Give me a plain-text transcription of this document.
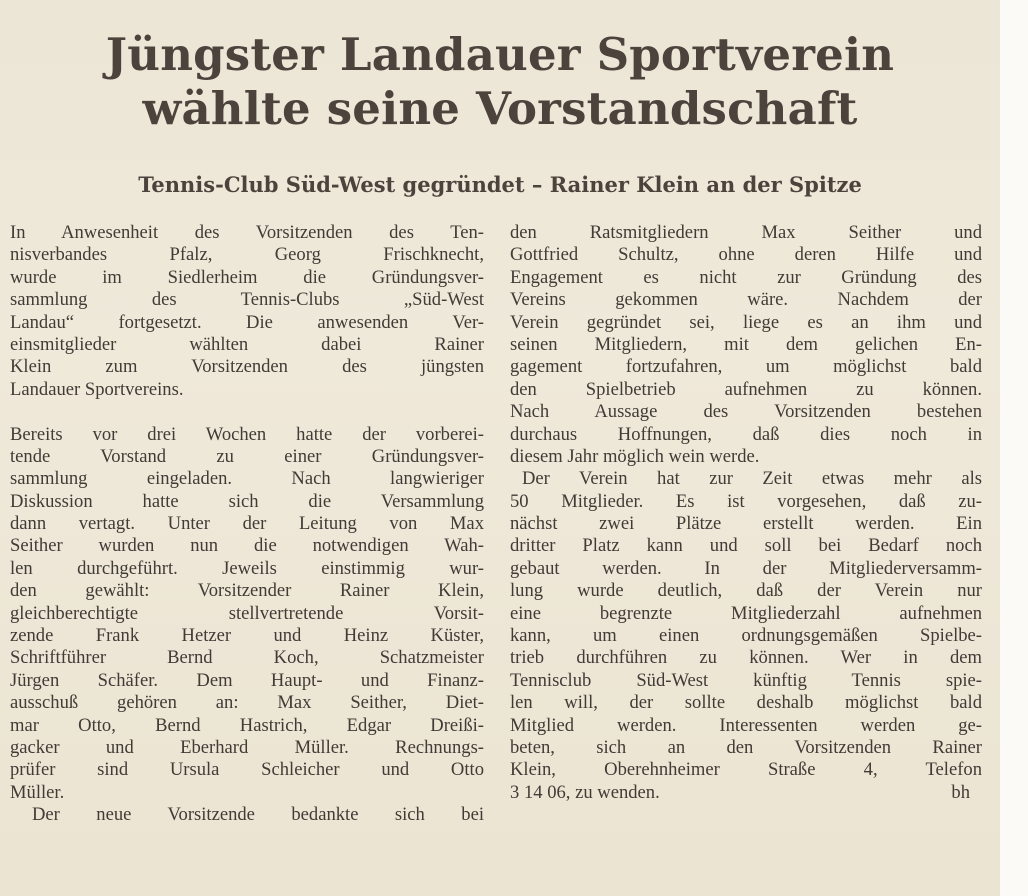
Jüngster Landauer Sportverein
wählte seine Vorstandschaft
Tennis-Club Süd-West gegründet – Rainer Klein an der Spitze
In Anwesenheit des Vorsitzenden des Ten-
nisverbandes Pfalz, Georg Frischknecht,
wurde im Siedlerheim die Gründungsver-
sammlung des Tennis-Clubs „Süd-West
Landau“ fortgesetzt. Die anwesenden Ver-
einsmitglieder wählten dabei Rainer
Klein zum Vorsitzenden des jüngsten
Landauer Sportvereins.
Bereits vor drei Wochen hatte der vorberei-
tende Vorstand zu einer Gründungsver-
sammlung eingeladen. Nach langwieriger
Diskussion hatte sich die Versammlung
dann vertagt. Unter der Leitung von Max
Seither wurden nun die notwendigen Wah-
len durchgeführt. Jeweils einstimmig wur-
den gewählt: Vorsitzender Rainer Klein,
gleichberechtigte stellvertretende Vorsit-
zende Frank Hetzer und Heinz Küster,
Schriftführer Bernd Koch, Schatzmeister
Jürgen Schäfer. Dem Haupt- und Finanz-
ausschuß gehören an: Max Seither, Diet-
mar Otto, Bernd Hastrich, Edgar Dreißi-
gacker und Eberhard Müller. Rechnungs-
prüfer sind Ursula Schleicher und Otto
Müller.
Der neue Vorsitzende bedankte sich bei
den Ratsmitgliedern Max Seither und
Gottfried Schultz, ohne deren Hilfe und
Engagement es nicht zur Gründung des
Vereins gekommen wäre. Nachdem der
Verein gegründet sei, liege es an ihm und
seinen Mitgliedern, mit dem gelichen En-
gagement fortzufahren, um möglichst bald
den Spielbetrieb aufnehmen zu können.
Nach Aussage des Vorsitzenden bestehen
durchaus Hoffnungen, daß dies noch in
diesem Jahr möglich wein werde.
Der Verein hat zur Zeit etwas mehr als
50 Mitglieder. Es ist vorgesehen, daß zu-
nächst zwei Plätze erstellt werden. Ein
dritter Platz kann und soll bei Bedarf noch
gebaut werden. In der Mitgliederversamm-
lung wurde deutlich, daß der Verein nur
eine begrenzte Mitgliederzahl aufnehmen
kann, um einen ordnungsgemäßen Spielbe-
trieb durchführen zu können. Wer in dem
Tennisclub Süd-West künftig Tennis spie-
len will, der sollte deshalb möglichst bald
Mitglied werden. Interessenten werden ge-
beten, sich an den Vorsitzenden Rainer
Klein, Oberehnheimer Straße 4, Telefon
3 14 06, zu wenden.	bh
